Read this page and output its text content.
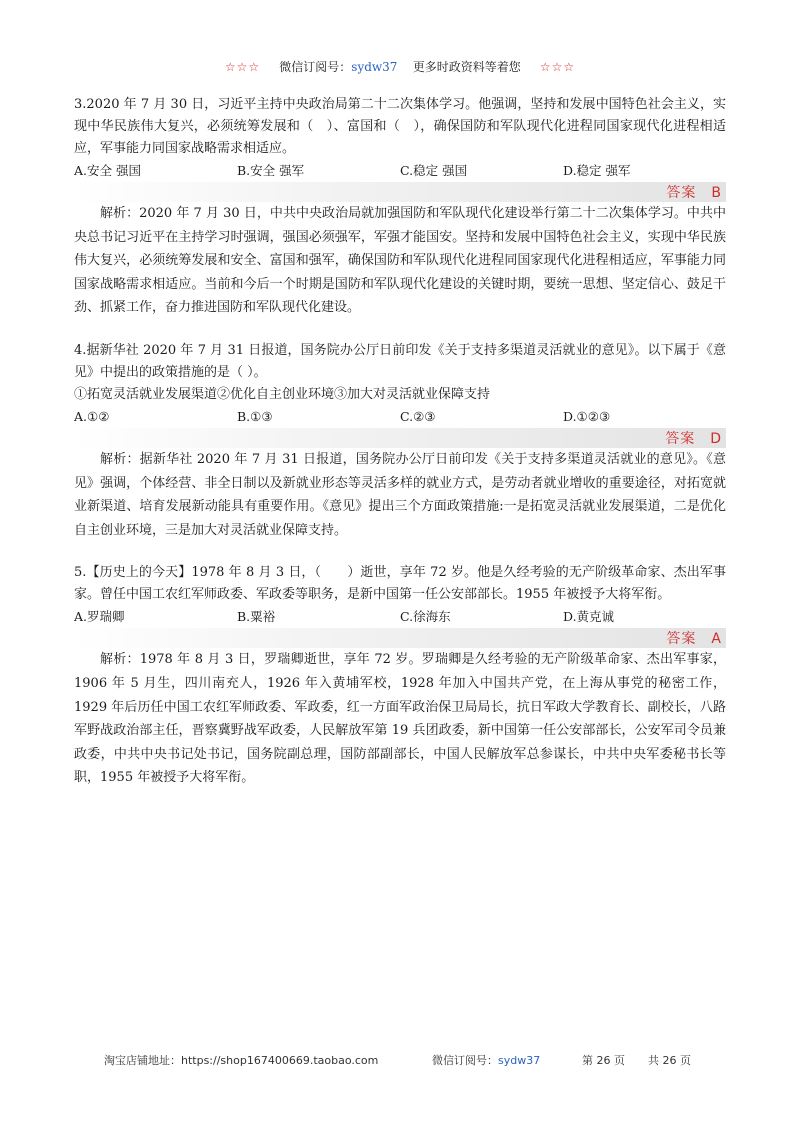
☆☆☆ 微信订阅号：sydw37 更多时政资料等着您 ☆☆☆

3.2020 年 7 月 30 日，习近平主持中央政治局第二十二次集体学习。他强调，坚持和发展中国特色社会主义，实现中华民族伟大复兴，必须统筹发展和（　）、富国和（　），确保国防和军队现代化进程同国家现代化进程相适应，军事能力同国家战略需求相适应。

A.安全 强国	B.安全 强军	C.稳定 强国	D.稳定 强军
答案　B

解析：2020 年 7 月 30 日，中共中央政治局就加强国防和军队现代化建设举行第二十二次集体学习。中共中央总书记习近平在主持学习时强调，强国必须强军，军强才能国安。坚持和发展中国特色社会主义，实现中华民族伟大复兴，必须统筹发展和安全、富国和强军，确保国防和军队现代化进程同国家现代化进程相适应，军事能力同国家战略需求相适应。当前和今后一个时期是国防和军队现代化建设的关键时期，要统一思想、坚定信心、鼓足干劲、抓紧工作，奋力推进国防和军队现代化建设。

4.据新华社 2020 年 7 月 31 日报道，国务院办公厅日前印发《关于支持多渠道灵活就业的意见》。以下属于《意见》中提出的政策措施的是（ ）。

①拓宽灵活就业发展渠道②优化自主创业环境③加大对灵活就业保障支持

A.①②	B.①③	C.②③	D.①②③
答案　D

解析：据新华社 2020 年 7 月 31 日报道，国务院办公厅日前印发《关于支持多渠道灵活就业的意见》。《意见》强调，个体经营、非全日制以及新就业形态等灵活多样的就业方式，是劳动者就业增收的重要途径，对拓宽就业新渠道、培育发展新动能具有重要作用。《意见》提出三个方面政策措施:一是拓宽灵活就业发展渠道，二是优化自主创业环境，三是加大对灵活就业保障支持。

5.【历史上的今天】1978 年 8 月 3 日，（　　）逝世，享年 72 岁。他是久经考验的无产阶级革命家、杰出军事家。曾任中国工农红军师政委、军政委等职务，是新中国第一任公安部部长。1955 年被授予大将军衔。

A.罗瑞卿	B.粟裕	C.徐海东	D.黄克诚
答案　A

解析：1978 年 8 月 3 日，罗瑞卿逝世，享年 72 岁。罗瑞卿是久经考验的无产阶级革命家、杰出军事家，1906 年 5 月生，四川南充人，1926 年入黄埔军校，1928 年加入中国共产党，在上海从事党的秘密工作，1929 年后历任中国工农红军师政委、军政委，红一方面军政治保卫局局长，抗日军政大学教育长、副校长，八路军野战政治部主任，晋察冀野战军政委，人民解放军第 19 兵团政委，新中国第一任公安部部长，公安军司令员兼政委，中共中央书记处书记，国务院副总理，国防部副部长，中国人民解放军总参谋长，中共中央军委秘书长等职，1955 年被授予大将军衔。

淘宝店铺地址：https://shop167400669.taobao.com	微信订阅号：sydw37	第 26 页 共 26 页
